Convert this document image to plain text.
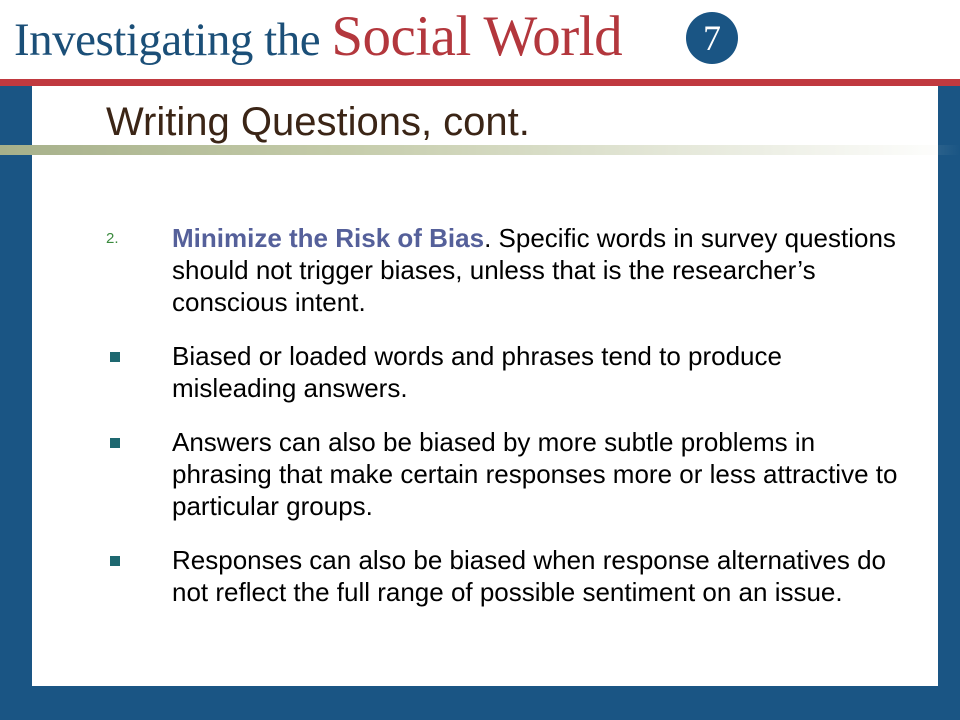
Investigating the Social World	7
Writing Questions, cont.
2. Minimize the Risk of Bias. Specific words in survey questions should not trigger biases, unless that is the researcher’s conscious intent.
Biased or loaded words and phrases tend to produce misleading answers.
Answers can also be biased by more subtle problems in phrasing that make certain responses more or less attractive to particular groups.
Responses can also be biased when response alternatives do not reflect the full range of possible sentiment on an issue.
